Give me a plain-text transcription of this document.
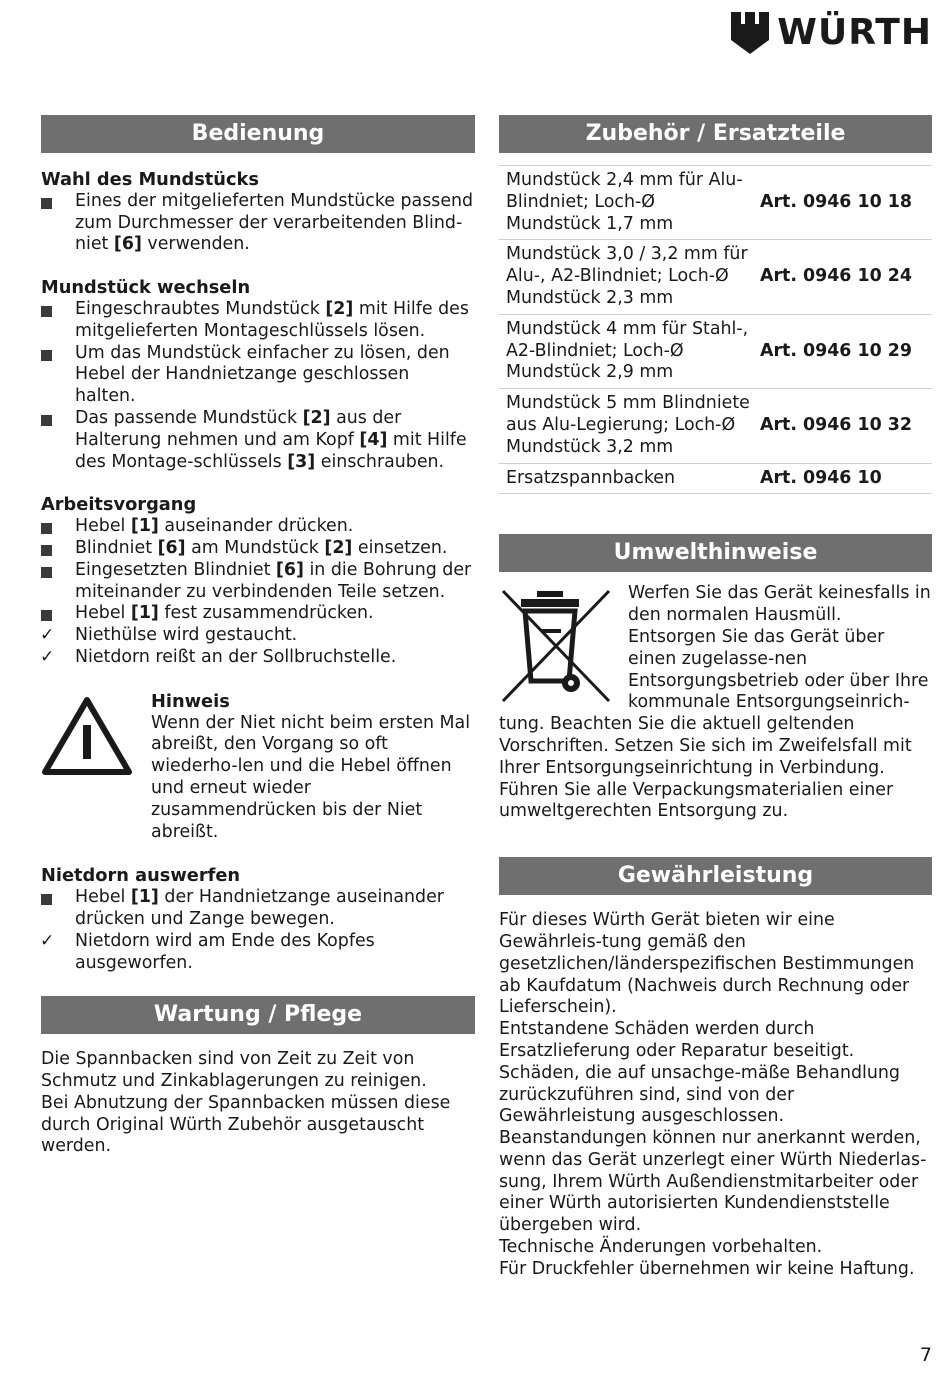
WÜRTH
Bedienung
Wahl des Mundstücks
Eines der mitgelieferten Mundstücke passend zum Durchmesser der verarbeitenden Blind-niet [6] verwenden.
Mundstück wechseln
Eingeschraubtes Mundstück [2] mit Hilfe des mitgelieferten Montageschlüssels lösen.
Um das Mundstück einfacher zu lösen, den Hebel der Handnietzange geschlossen halten.
Das passende Mundstück [2] aus der Halterung nehmen und am Kopf [4] mit Hilfe des Montage-schlüssels [3] einschrauben.
Arbeitsvorgang
Hebel [1] auseinander drücken.
Blindniet [6] am Mundstück [2] einsetzen.
Eingesetzten Blindniet [6] in die Bohrung der miteinander zu verbindenden Teile setzen.
Hebel [1] fest zusammendrücken.
✓ Niethülse wird gestaucht.
✓ Nietdorn reißt an der Sollbruchstelle.
Hinweis
Wenn der Niet nicht beim ersten Mal abreißt, den Vorgang so oft wiederho-len und die Hebel öffnen und erneut wieder zusammendrücken bis der Niet abreißt.
Nietdorn auswerfen
Hebel [1] der Handnietzange auseinander drücken und Zange bewegen.
✓ Nietdorn wird am Ende des Kopfes ausgeworfen.
Wartung / Pflege
Die Spannbacken sind von Zeit zu Zeit von Schmutz und Zinkablagerungen zu reinigen.
Bei Abnutzung der Spannbacken müssen diese durch Original Würth Zubehör ausgetauscht werden.
Zubehör / Ersatzteile
Mundstück 2,4 mm für Alu-Blindniet; Loch-Ø Mundstück 1,7 mm	Art. 0946 10 18
Mundstück 3,0 / 3,2 mm für Alu-, A2-Blindniet; Loch-Ø Mundstück 2,3 mm	Art. 0946 10 24
Mundstück 4 mm für Stahl-, A2-Blindniet; Loch-Ø Mundstück 2,9 mm	Art. 0946 10 29
Mundstück 5 mm Blindniete aus Alu-Legierung; Loch-Ø Mundstück 3,2 mm	Art. 0946 10 32
Ersatzspannbacken	Art. 0946 10
Umwelthinweise
Werfen Sie das Gerät keinesfalls in den normalen Hausmüll. Entsorgen Sie das Gerät über einen zugelasse-nen Entsorgungsbetrieb oder über Ihre kommunale Entsorgungseinrich-tung. Beachten Sie die aktuell geltenden Vorschriften. Setzen Sie sich im Zweifelsfall mit Ihrer Entsorgungseinrichtung in Verbindung. Führen Sie alle Verpackungsmaterialien einer umweltgerechten Entsorgung zu.
Gewährleistung
Für dieses Würth Gerät bieten wir eine Gewährleis-tung gemäß den gesetzlichen/länderspezifischen Bestimmungen ab Kaufdatum (Nachweis durch Rechnung oder Lieferschein).
Entstandene Schäden werden durch Ersatzlieferung oder Reparatur beseitigt. Schäden, die auf unsachge-mäße Behandlung zurückzuführen sind, sind von der Gewährleistung ausgeschlossen.
Beanstandungen können nur anerkannt werden, wenn das Gerät unzerlegt einer Würth Niederlas-sung, Ihrem Würth Außendienstmitarbeiter oder einer Würth autorisierten Kundendienststelle übergeben wird.
Technische Änderungen vorbehalten.
Für Druckfehler übernehmen wir keine Haftung.
7
